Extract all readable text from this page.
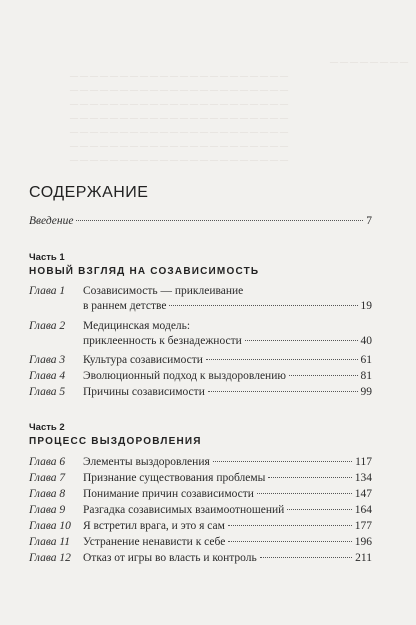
— — — — — — — —
— — — — — — — — — — — — — — — — — — — — — —
— — — — — — — — — — — — — — — — — — — — — —
— — — — — — — — — — — — — — — — — — — — — —
— — — — — — — — — — — — — — — — — — — — — —
— — — — — — — — — — — — — — — — — — — — — —
— — — — — — — — — — — — — — — — — — — — — —
— — — — — — — — — — — — — — — — — — — — — —
СОДЕРЖАНИЕ
Введение	7
Часть 1
НОВЫЙ ВЗГЛЯД НА СОЗАВИСИМОСТЬ
Глава 1	Созависимость — приклеивание
в раннем детстве	19
Глава 2	Медицинская модель:
приклеенность к безнадежности	40
Глава 3	Культура созависимости	61
Глава 4	Эволюционный подход к выздоровлению	81
Глава 5	Причины созависимости	99
Часть 2
ПРОЦЕСС ВЫЗДОРОВЛЕНИЯ
Глава 6	Элементы выздоровления	117
Глава 7	Признание существования проблемы	134
Глава 8	Понимание причин созависимости	147
Глава 9	Разгадка созависимых взаимоотношений	164
Глава 10	Я встретил врага, и это я сам	177
Глава 11	Устранение ненависти к себе	196
Глава 12	Отказ от игры во власть и контроль	211
